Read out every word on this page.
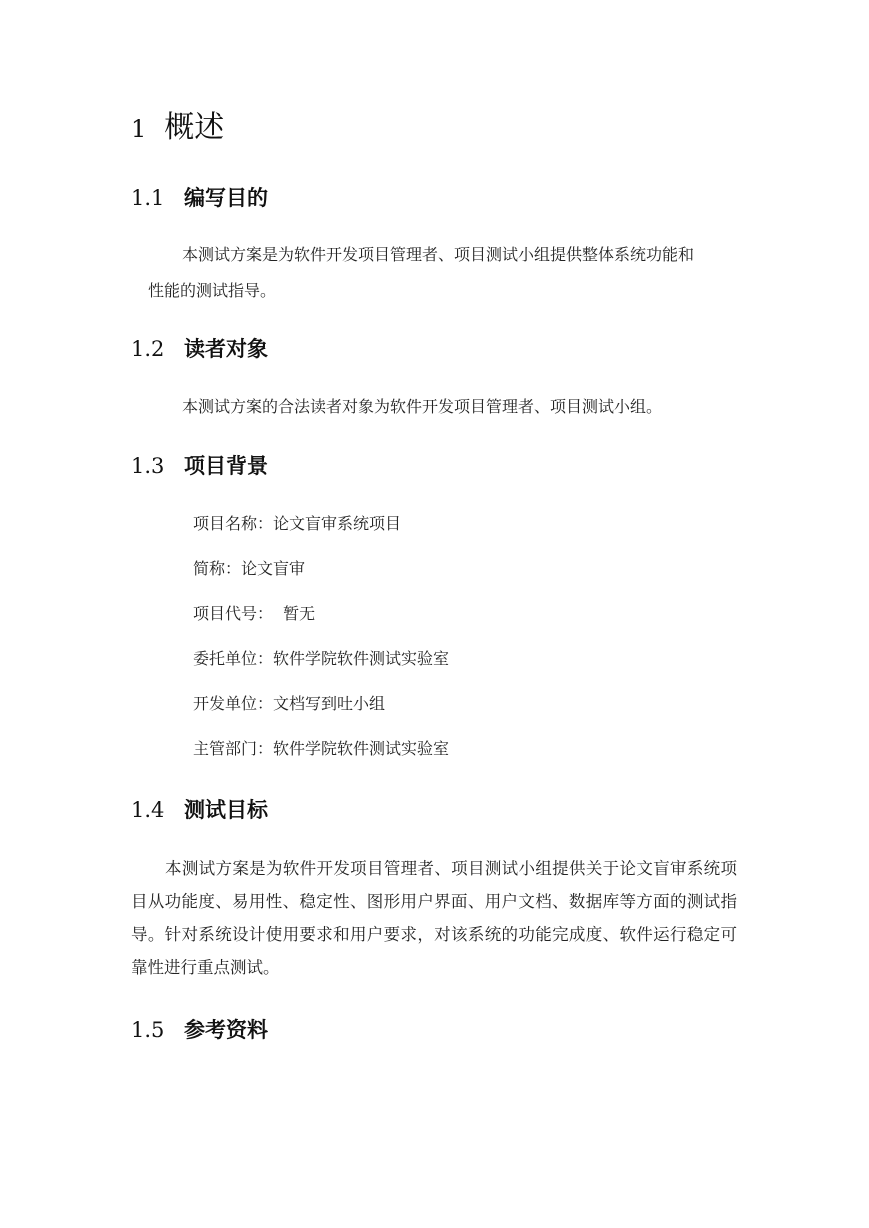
1 概述
1.1 编写目的
本测试方案是为软件开发项目管理者、项目测试小组提供整体系统功能和
性能的测试指导。
1.2 读者对象
本测试方案的合法读者对象为软件开发项目管理者、项目测试小组。
1.3 项目背景
项目名称：论文盲审系统项目
简称：论文盲审
项目代号：  暂无
委托单位：软件学院软件测试实验室
开发单位：文档写到吐小组
主管部门：软件学院软件测试实验室
1.4 测试目标
本测试方案是为软件开发项目管理者、项目测试小组提供关于论文盲审系统项目从功能度、易用性、稳定性、图形用户界面、用户文档、数据库等方面的测试指导。针对系统设计使用要求和用户要求，对该系统的功能完成度、软件运行稳定可靠性进行重点测试。
1.5 参考资料
